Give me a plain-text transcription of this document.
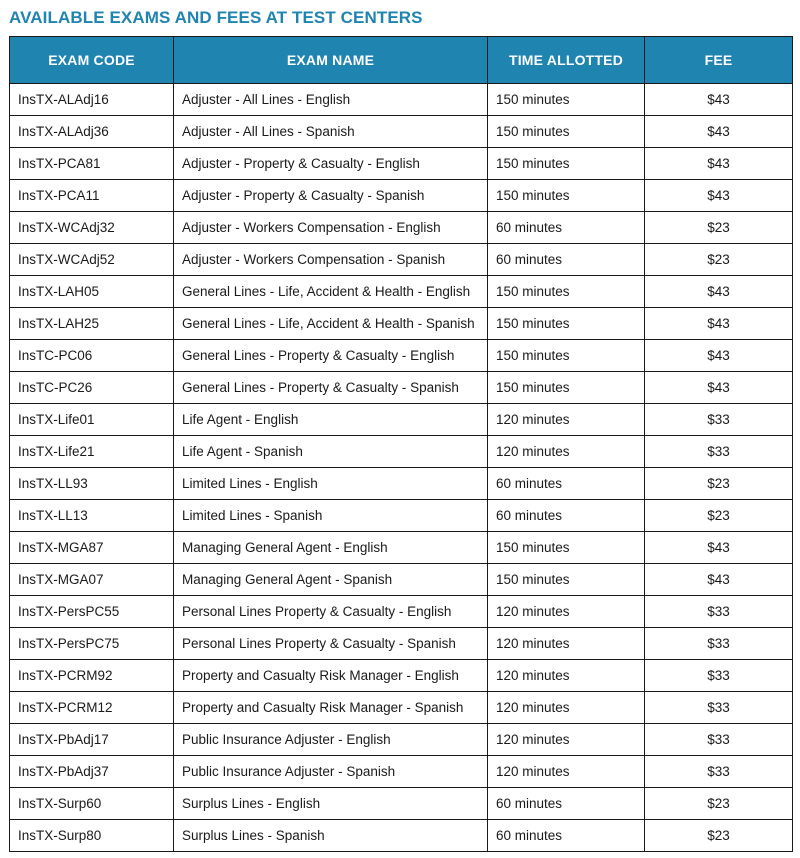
AVAILABLE EXAMS AND FEES AT TEST CENTERS
EXAM CODE	EXAM NAME	TIME ALLOTTED	FEE
InsTX-ALAdj16	Adjuster - All Lines - English	150 minutes	$43
InsTX-ALAdj36	Adjuster - All Lines - Spanish	150 minutes	$43
InsTX-PCA81	Adjuster - Property & Casualty - English	150 minutes	$43
InsTX-PCA11	Adjuster - Property & Casualty - Spanish	150 minutes	$43
InsTX-WCAdj32	Adjuster - Workers Compensation - English	60 minutes	$23
InsTX-WCAdj52	Adjuster - Workers Compensation - Spanish	60 minutes	$23
InsTX-LAH05	General Lines - Life, Accident & Health - English	150 minutes	$43
InsTX-LAH25	General Lines - Life, Accident & Health - Spanish	150 minutes	$43
InsTC-PC06	General Lines - Property & Casualty - English	150 minutes	$43
InsTC-PC26	General Lines - Property & Casualty - Spanish	150 minutes	$43
InsTX-Life01	Life Agent - English	120 minutes	$33
InsTX-Life21	Life Agent - Spanish	120 minutes	$33
InsTX-LL93	Limited Lines - English	60 minutes	$23
InsTX-LL13	Limited Lines - Spanish	60 minutes	$23
InsTX-MGA87	Managing General Agent - English	150 minutes	$43
InsTX-MGA07	Managing General Agent - Spanish	150 minutes	$43
InsTX-PersPC55	Personal Lines Property & Casualty - English	120 minutes	$33
InsTX-PersPC75	Personal Lines Property & Casualty - Spanish	120 minutes	$33
InsTX-PCRM92	Property and Casualty Risk Manager - English	120 minutes	$33
InsTX-PCRM12	Property and Casualty Risk Manager - Spanish	120 minutes	$33
InsTX-PbAdj17	Public Insurance Adjuster - English	120 minutes	$33
InsTX-PbAdj37	Public Insurance Adjuster - Spanish	120 minutes	$33
InsTX-Surp60	Surplus Lines - English	60 minutes	$23
InsTX-Surp80	Surplus Lines - Spanish	60 minutes	$23
